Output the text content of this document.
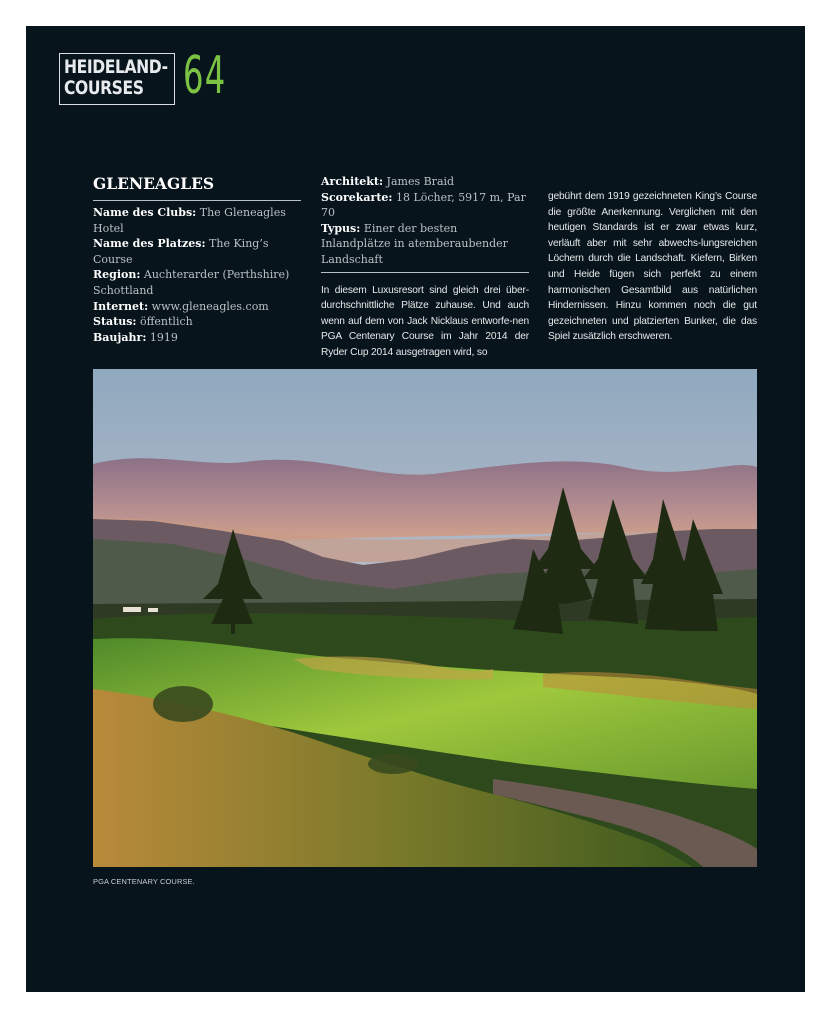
HEIDELAND-
COURSES 64
GLENEAGLES

Name des Clubs: The Gleneagles Hotel

Name des Platzes: The King’s Course

Region: Auchterarder (Perthshire) Schottland

Internet: www.gleneagles.com

Status: öffentlich

Baujahr: 1919

Architekt: James Braid

Scorekarte: 18 Löcher, 5917 m, Par 70

Typus: Einer der besten Inlandplätze in atemberaubender Landschaft

In diesem Luxusresort sind gleich drei über-durchschnittliche Plätze zuhause. Und auch wenn auf dem von Jack Nicklaus entworfe-nen PGA Centenary Course im Jahr 2014 der Ryder Cup 2014 ausgetragen wird, so

gebührt dem 1919 gezeichneten King’s Course die größte Anerkennung. Verglichen mit den heutigen Standards ist er zwar etwas kurz, verläuft aber mit sehr abwechs-lungsreichen Löchern durch die Landschaft. Kiefern, Birken und Heide fügen sich perfekt zu einem harmonischen Gesamtbild aus natürlichen Hindernissen. Hinzu kommen noch die gut gezeichneten und platzierten Bunker, die das Spiel zusätzlich erschweren.

PGA CENTENARY COURSE.
